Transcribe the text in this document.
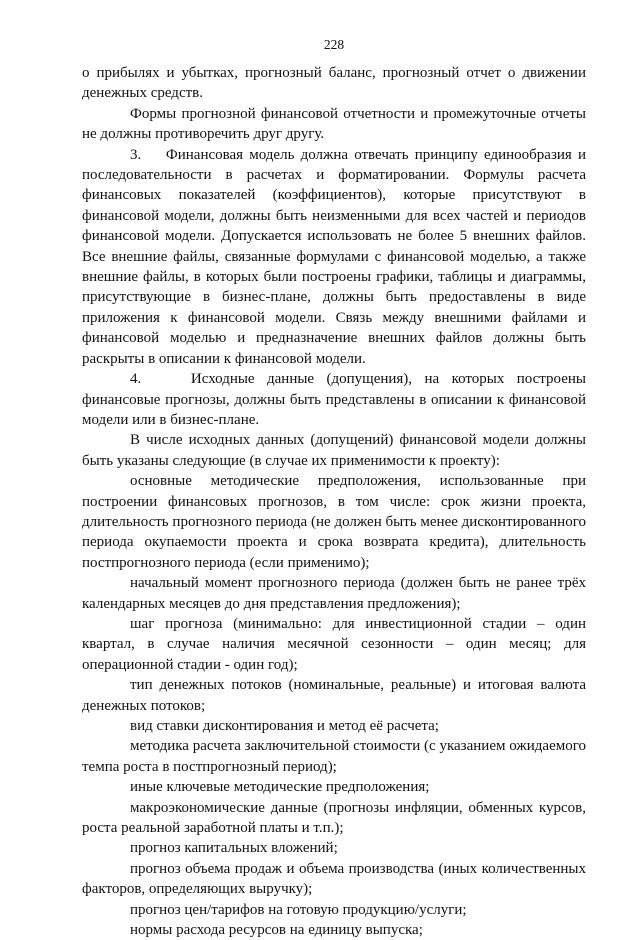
228

о прибылях и убытках, прогнозный баланс, прогнозный отчет о движении денежных средств.

Формы прогнозной финансовой отчетности и промежуточные отчеты не должны противоречить друг другу.

3.    Финансовая модель должна отвечать принципу единообразия и последовательности в расчетах и форматировании. Формулы расчета финансовых показателей (коэффициентов), которые присутствуют в финансовой модели, должны быть неизменными для всех частей и периодов финансовой модели. Допускается использовать не более 5 внешних файлов. Все внешние файлы, связанные формулами с финансовой моделью, а также внешние файлы, в которых были построены графики, таблицы и диаграммы, присутствующие в бизнес-плане, должны быть предоставлены в виде приложения к финансовой модели. Связь между внешними файлами и финансовой моделью и предназначение внешних файлов должны быть раскрыты в описании к финансовой модели.

4.    Исходные данные (допущения), на которых построены финансовые прогнозы, должны быть представлены в описании к финансовой модели или в бизнес-плане.

В числе исходных данных (допущений) финансовой модели должны быть указаны следующие (в случае их применимости к проекту):

основные методические предположения, использованные при построении финансовых прогнозов, в том числе: срок жизни проекта, длительность прогнозного периода (не должен быть менее дисконтированного периода окупаемости проекта и срока возврата кредита), длительность постпрогнозного периода (если применимо);

начальный момент прогнозного периода (должен быть не ранее трёх календарных месяцев до дня представления предложения);

шаг прогноза (минимально: для инвестиционной стадии – один квартал, в случае наличия месячной сезонности – один месяц; для операционной стадии - один год);

тип денежных потоков (номинальные, реальные) и итоговая валюта денежных потоков;

вид ставки дисконтирования и метод её расчета;

методика расчета заключительной стоимости (с указанием ожидаемого темпа роста в постпрогнозный период);

иные ключевые методические предположения;

макроэкономические данные (прогнозы инфляции, обменных курсов, роста реальной заработной платы и т.п.);

прогноз капитальных вложений;

прогноз объема продаж и объема производства (иных количественных факторов, определяющих выручку);

прогноз цен/тарифов на готовую продукцию/услуги;

нормы расхода ресурсов на единицу выпуска;
